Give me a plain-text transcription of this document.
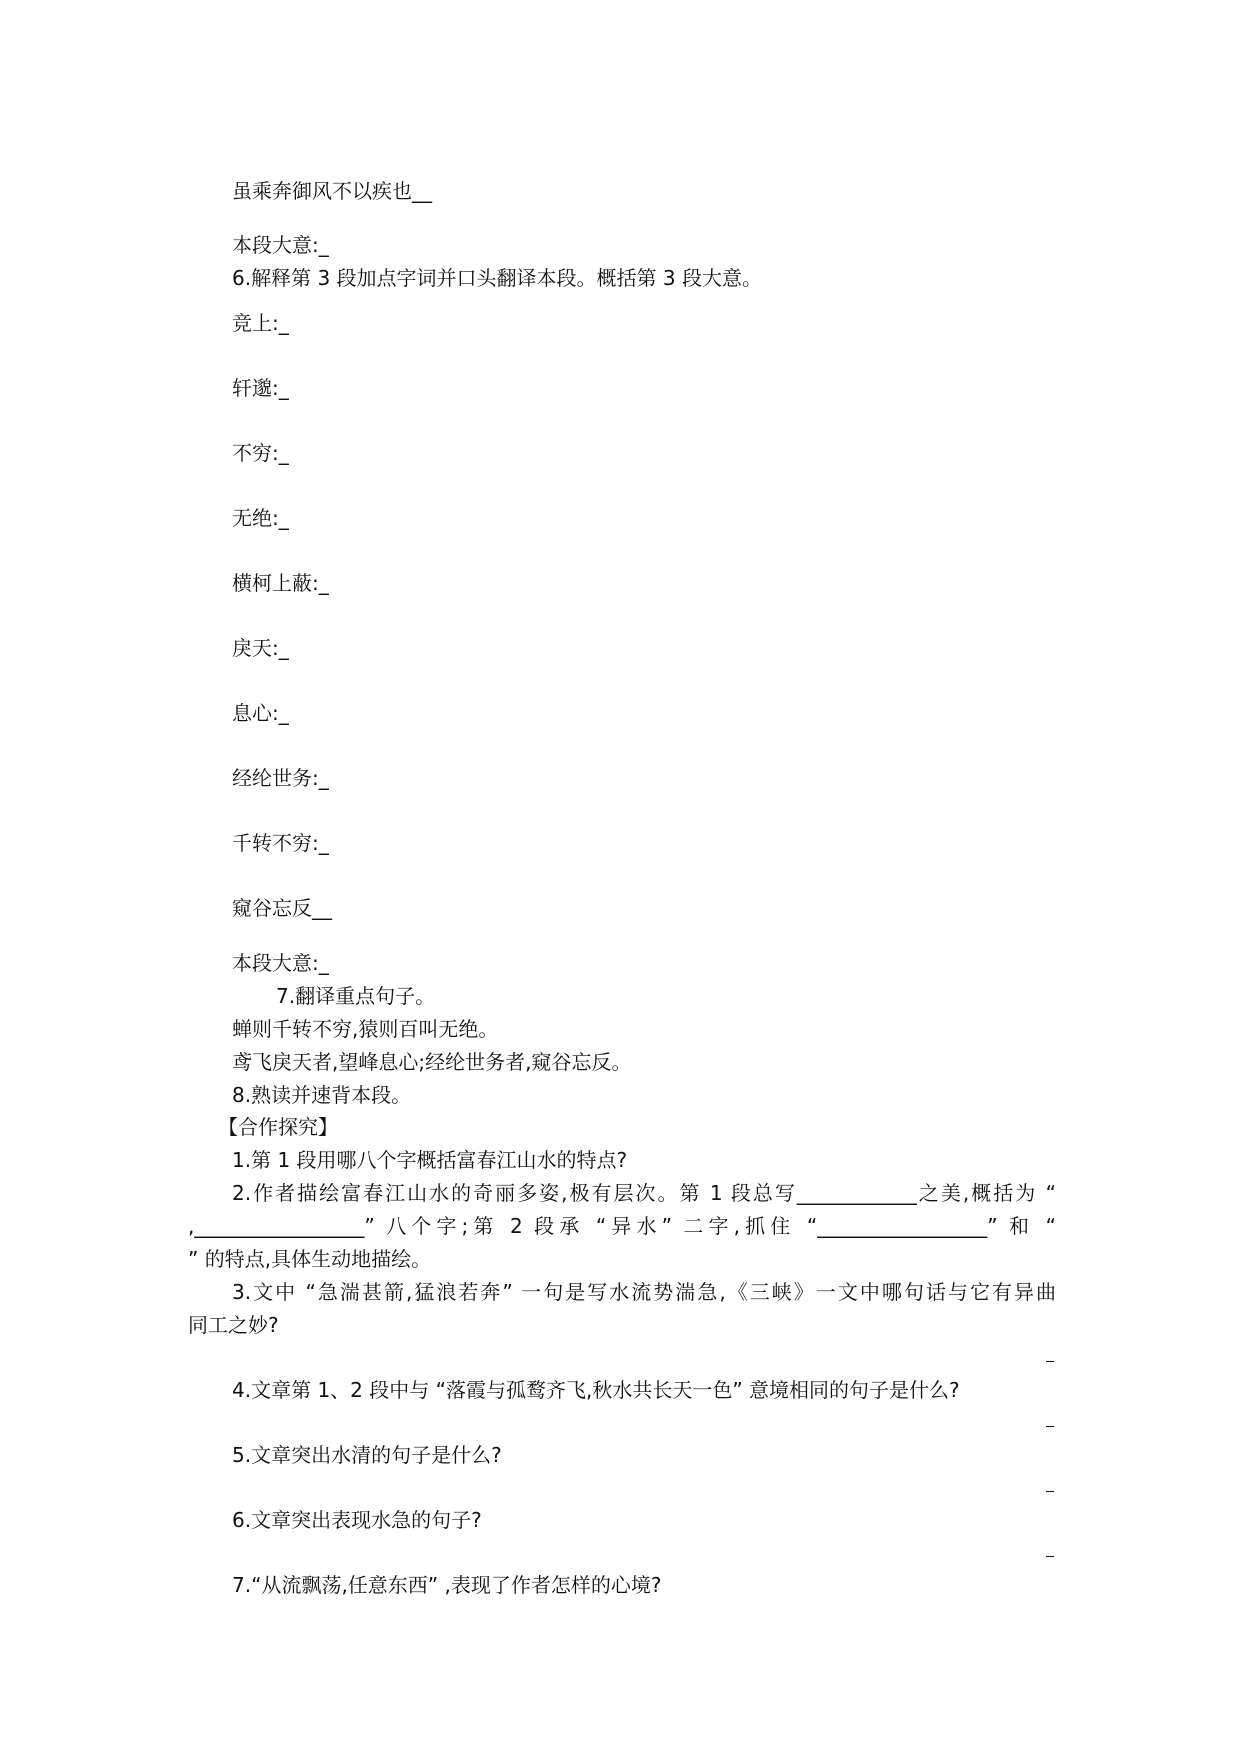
虽乘奔御风不以疾也__
本段大意:_
6.解释第 3 段加点字词并口头翻译本段。概括第 3 段大意。
竞上:_
轩邈:_
不穷:_
无绝:_
横柯上蔽:_
戾天:_
息心:_
经纶世务:_
千转不穷:_
窥谷忘反__
本段大意:_
7.翻译重点句子。
蝉则千转不穷,猿则百叫无绝。
鸢飞戾天者,望峰息心;经纶世务者,窥谷忘反。
8.熟读并速背本段。
【合作探究】
1.第 1 段用哪八个字概括富春江山水的特点?
2.作者描绘富春江山水的奇丽多姿,极有层次。第 1 段总写____________之美,概括为 “
,_________________” 八个字;第 2 段承 “异水” 二字,抓住 “_________________” 和 “
” 的特点,具体生动地描绘。
3.文中 “急湍甚箭,猛浪若奔” 一句是写水流势湍急,《三峡》一文中哪句话与它有异曲
同工之妙?
4.文章第 1、2 段中与 “落霞与孤鹜齐飞,秋水共长天一色” 意境相同的句子是什么?
5.文章突出水清的句子是什么?
6.文章突出表现水急的句子?
7.“从流飘荡,任意东西” ,表现了作者怎样的心境?
